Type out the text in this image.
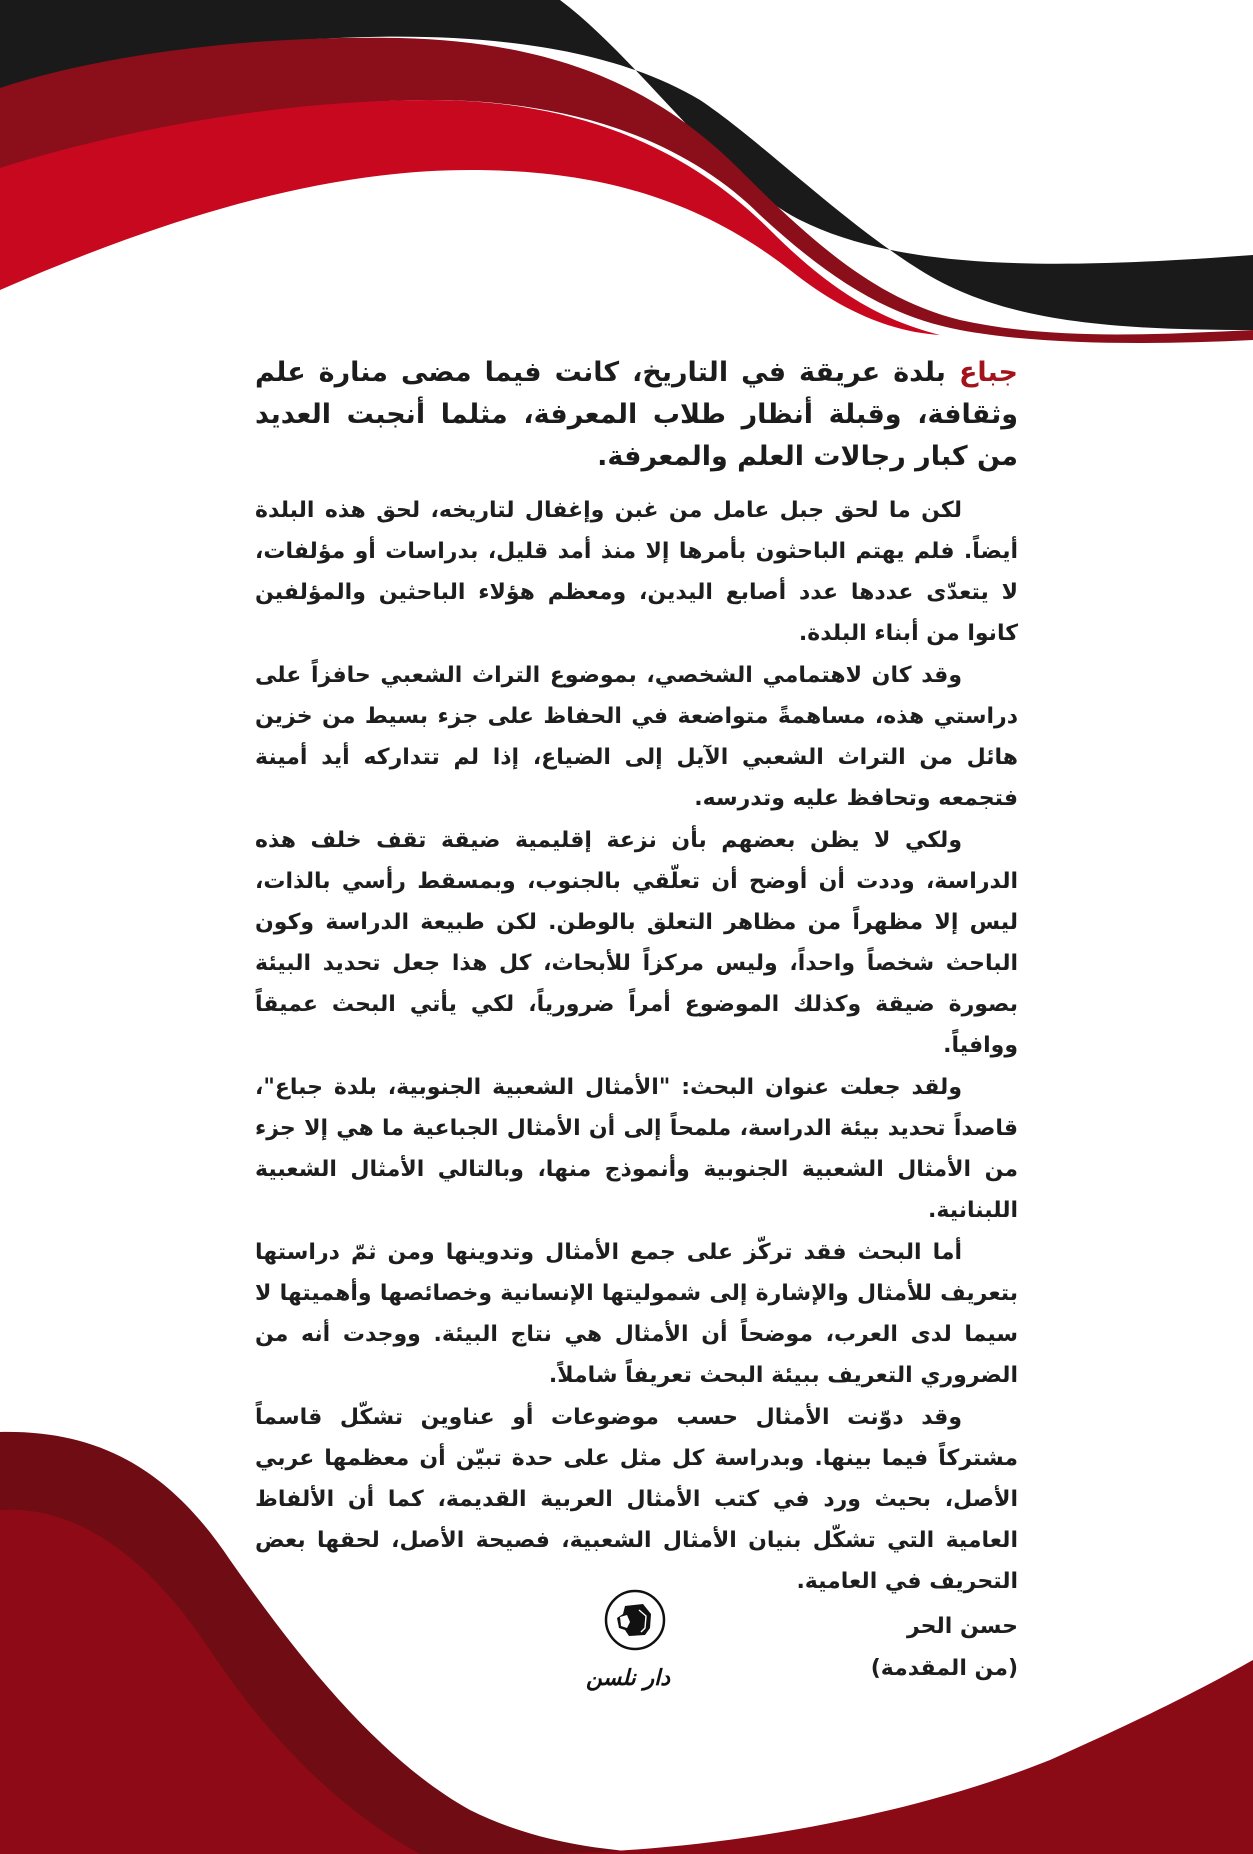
جباع بلدة عريقة في التاريخ، كانت فيما مضى منارة علم وثقافة، وقبلة أنظار طلاب المعرفة، مثلما أنجبت العديد من كبار رجالات العلم والمعرفة.

لكن ما لحق جبل عامل من غبن وإغفال لتاريخه، لحق هذه البلدة أيضاً. فلم يهتم الباحثون بأمرها إلا منذ أمد قليل، بدراسات أو مؤلفات، لا يتعدّى عددها عدد أصابع اليدين، ومعظم هؤلاء الباحثين والمؤلفين كانوا من أبناء البلدة.

وقد كان لاهتمامي الشخصي، بموضوع التراث الشعبي حافزاً على دراستي هذه، مساهمةً متواضعة في الحفاظ على جزء بسيط من خزين هائل من التراث الشعبي الآيل إلى الضياع، إذا لم تتداركه أيد أمينة فتجمعه وتحافظ عليه وتدرسه.

ولكي لا يظن بعضهم بأن نزعة إقليمية ضيقة تقف خلف هذه الدراسة، وددت أن أوضح أن تعلّقي بالجنوب، وبمسقط رأسي بالذات، ليس إلا مظهراً من مظاهر التعلق بالوطن. لكن طبيعة الدراسة وكون الباحث شخصاً واحداً، وليس مركزاً للأبحاث، كل هذا جعل تحديد البيئة بصورة ضيقة وكذلك الموضوع أمراً ضرورياً، لكي يأتي البحث عميقاً ووافياً.

ولقد جعلت عنوان البحث: "الأمثال الشعبية الجنوبية، بلدة جباع"، قاصداً تحديد بيئة الدراسة، ملمحاً إلى أن الأمثال الجباعية ما هي إلا جزء من الأمثال الشعبية الجنوبية وأنموذج منها، وبالتالي الأمثال الشعبية اللبنانية.

أما البحث فقد تركّز على جمع الأمثال وتدوينها ومن ثمّ دراستها بتعريف للأمثال والإشارة إلى شموليتها الإنسانية وخصائصها وأهميتها لا سيما لدى العرب، موضحاً أن الأمثال هي نتاج البيئة. ووجدت أنه من الضروري التعريف ببيئة البحث تعريفاً شاملاً.

وقد دوّنت الأمثال حسب موضوعات أو عناوين تشكّل قاسماً مشتركاً فيما بينها. وبدراسة كل مثل على حدة تبيّن أن معظمها عربي الأصل، بحيث ورد في كتب الأمثال العربية القديمة، كما أن الألفاظ العامية التي تشكّل بنيان الأمثال الشعبية، فصيحة الأصل، لحقها بعض التحريف في العامية.

حسن الحر
(من المقدمة)
دار نلسن
